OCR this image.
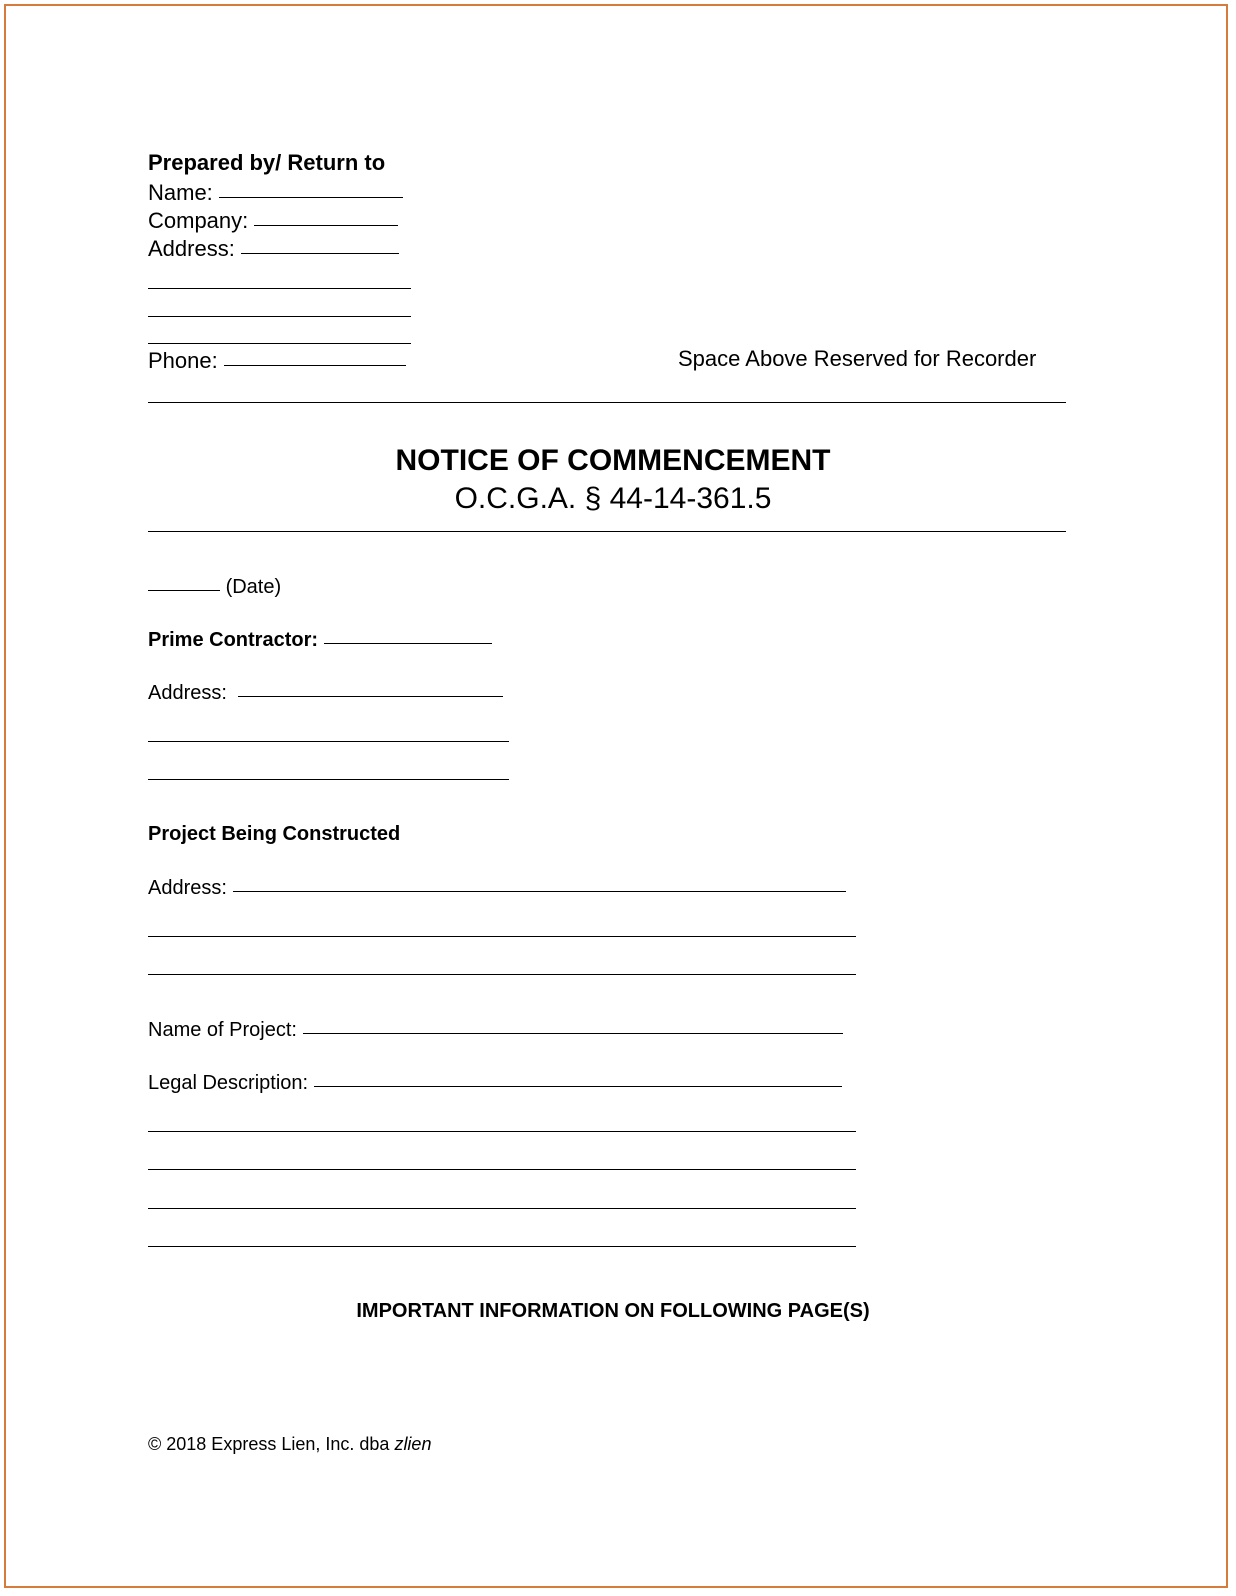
Prepared by/ Return to
Name:

Company:

Address:

Phone:
	Space Above Reserved for Recorder
NOTICE OF COMMENCEMENT
O.C.G.A. § 44-14-361.5

(Date)
Prime Contractor:

Address:

Project Being Constructed
Address:

Name of Project:

Legal Description:

IMPORTANT INFORMATION ON FOLLOWING PAGE(S)
© 2018 Express Lien, Inc. dba zlien
